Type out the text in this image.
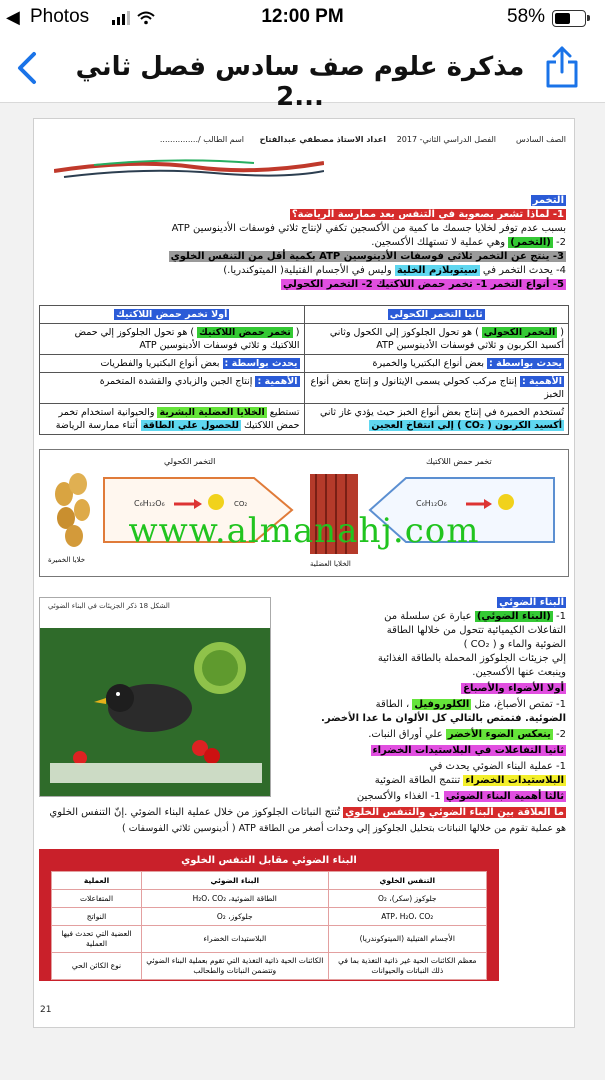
◀ Photos	12:00 PM	58%
مذكرة علوم صف سادس فصل ثاني ...2
الصف السادس
الفصل الدراسي الثاني- 2017
اعداد الاستاذ مصطفي عبدالفتاح
اسم الطالب /...............
التخمر
1- لماذا تشعر بصعوبة في التنفس بعد ممارسة الرياضة؟
بسبب عدم توفر لخلايا جسمك ما كمية من الأكسجين تكفي لإنتاج ثلاثي فوسفات الأدينوسين ATP
2- (التخمر) وهي عملية لا تستهلك الأكسجين.
3- ينتج عن التخمر ثلاثي فوسفات الأدينوسين ATP بكمية أقل من التنفس الخلوي
4- يحدث التخمر في سيتوبلازم الخلية وليس في الأجسام الفتيلية( الميتوكندريا.)
5- أنواع التخمر 1- تخمر حمض اللاكتيك 2- التخمر الكحولي
أولا تخمر حمض اللاكتيك	ثانيا التخمر الكحولي
( تخمر حمض اللاكتيك ) هو تحول الجلوكوز إلي حمض اللاكتيك و ثلاثي فوسفات الأدينوسين ATP	( التخمر الكحولي ) هو تحول الجلوكوز إلي الكحول وثاني أكسيد الكربون و ثلاثي فوسفات الأدينوسين ATP
يحدث بواسطة : بعض أنواع البكتيريا والفطريات	يحدث بواسطة : بعض أنواع البكتيريا والخميرة
الأهمية : إنتاج الجبن والزبادي والقشدة المتخمرة	الأهمية : إنتاج مركب كحولي يسمى الإيثانول و إنتاج بعض أنواع الخبز
تستطيع الخلايا العضلية البشرية والحيوانية استخدام تخمر حمض اللاكتيك للحصول علي الطاقة أثناء ممارسة الرياضة	تُستخدم الخميرة في إنتاج بعض أنواع الخبز حيث يؤدي غاز ثاني أكسيد الكربون ( CO₂ ) إلي انتفاخ العجين
C₆H₁₂O₆	CO₂
التخمر الكحولي
خلايا الخميرة
C₆H₁₂O₆
تخمر حمض اللاكتيك
الخلايا العضلية
www.almanahj.com
الشكل 18 ذكر الجزيئات في البناء الضوئي	البناء الضوئي
1- (البناء الضوئي) عبارة عن سلسلة من
التفاعلات الكيميائية تتحول من خلالها الطاقة
الضوئية والماء و ( CO₂ )
إلي جزيئات الجلوكوز المحملة بالطاقة الغذائية
وينبعث عنها الأكسجين.
أولا الأضواء والأصباغ
1- تمتص الأصباغ، مثل الكلوروفيل ، الطاقة
الضوئية. فتمتص بالتالي كل الألوان ما عدا الأخضر.
2- ينعكس الضوء الأخضر علي أوراق النبات.
ثانيا التفاعلات في البلاستيدات الخضراء
1- عملية البناء الضوئي يحدث في
البلاستيدات الخضراء تنتمج الطاقة الضوئية
ثالثا أهمية البناء الضوئي 1- الغذاء والأكسجين
ما العلاقة بين البناء الضوئي والتنفس الخلوي تُنتج النباتات الجلوكوز من خلال عملية البناء الضوئي .إنّ التنفس الخلوي
هو عملية تقوم من خلالها النباتات بتحليل الجلوكوز إلي وحدات أصغر من الطاقة ATP ( أدينوسين ثلاثي الفوسفات )
البناء الضوئي مقابل التنفس الخلوي
العملية	البناء الضوئي	التنفس الخلوي
المتفاعلات	الطاقة الضوئية، H₂O، CO₂	جلوكوز (سكر)، O₂
النواتج	جلوكوز، O₂	ATP، H₂O، CO₂
العضية التي تحدث فيها العملية	البلاستيدات الخضراء	الأجسام الفتيلية (الميتوكوندريا)
نوع الكائن الحي	الكائنات الحية ذاتية التغذية التي تقوم بعملية البناء الضوئي وتتضمن النباتات والطحالب	معظم الكائنات الحية غير ذاتية التغذية بما في ذلك النباتات والحيوانات
21
